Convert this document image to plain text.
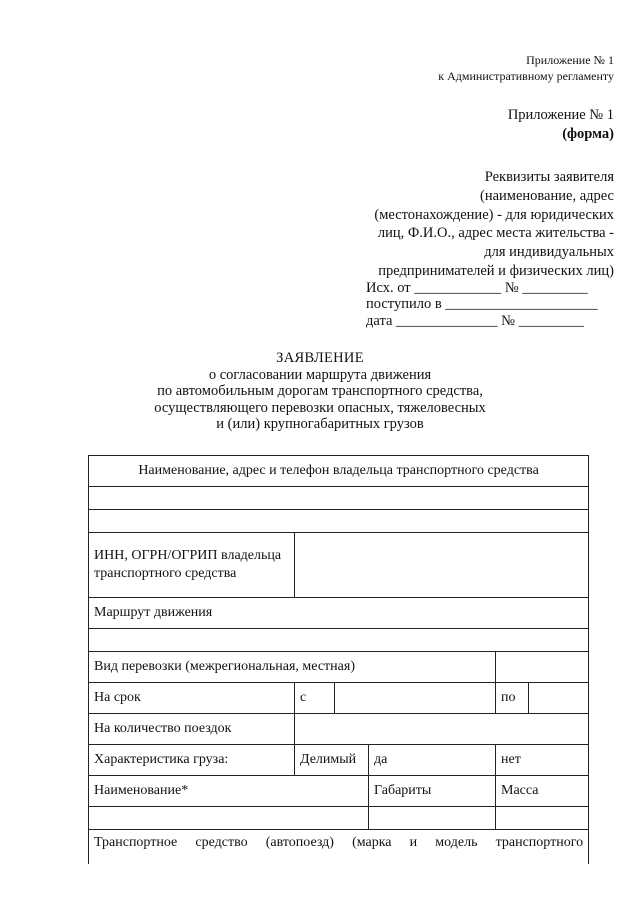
Приложение № 1
к Административному регламенту
Приложение № 1
(форма)
Реквизиты заявителя
(наименование, адрес
(местонахождение) - для юридических
лиц, Ф.И.О., адрес места жительства -
для индивидуальных
предпринимателей и физических лиц)
Исх. от ____________ № _________
поступило в _____________________
дата ______________ № _________
ЗАЯВЛЕНИЕ
о согласовании маршрута движения
по автомобильным дорогам транспортного средства,
осуществляющего перевозки опасных, тяжеловесных
и (или) крупногабаритных грузов
Наименование, адрес и телефон владельца транспортного средства					

ИНН, ОГРН/ОГРИП владельца транспортного средства					
Маршрут движения					

Вид перевозки (межрегиональная, местная)					
На срок	с			по	
На количество поездок					
Характеристика груза:	Делимый		да	нет	
Наименование*			Габариты	Масса	

Транспортное средство (автопоезд) (марка и модель транспортного					
